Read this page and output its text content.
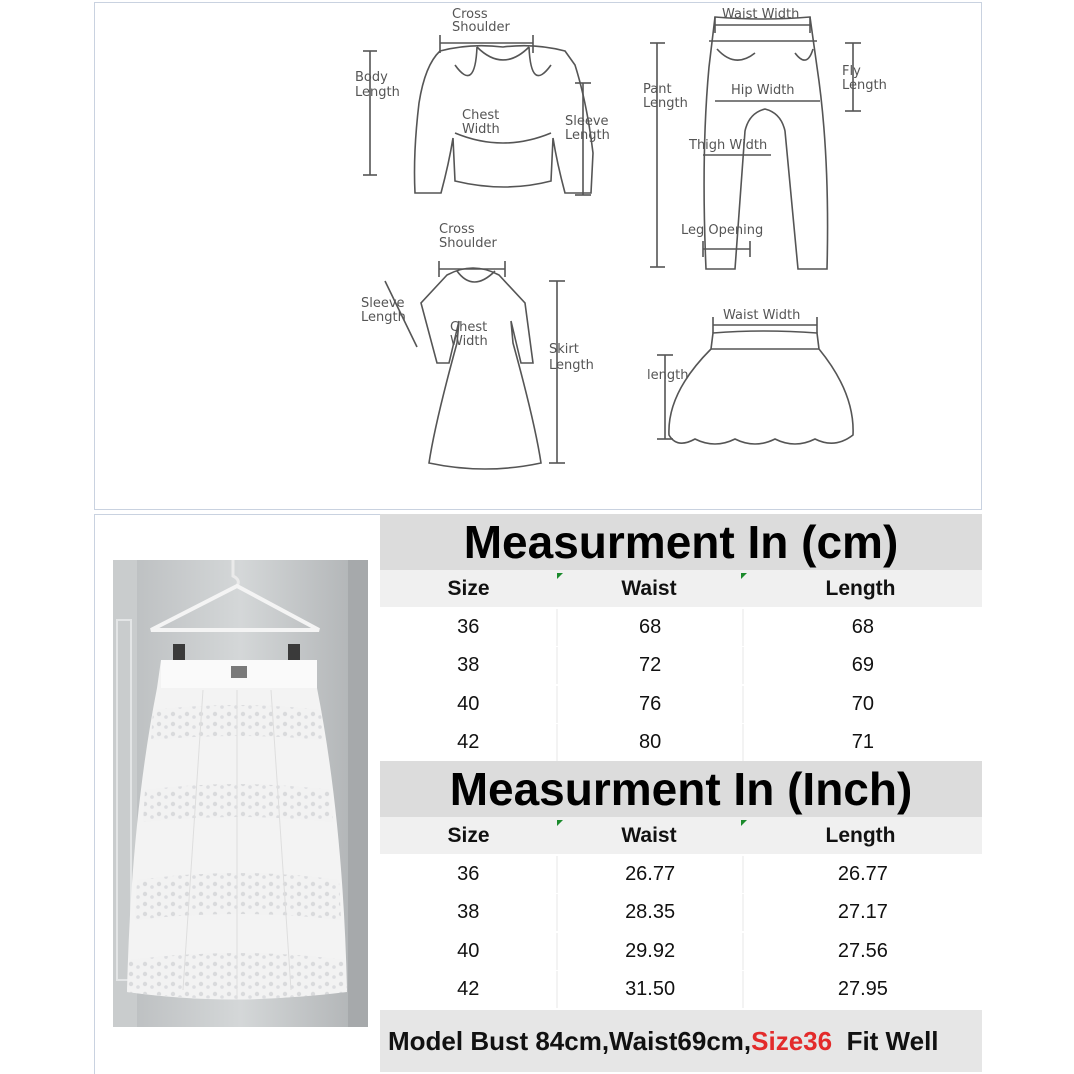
Cross
Shoulder
Body
Length
Chest
Width
Sleeve
Length
Waist Width
Pant
Length
Hip Width
Fly
Length
Thigh Width
Leg Opening
Cross
Shoulder
Sleeve
Length
Chest
Width
Skirt
Length
Waist Width
length
Measurment In (cm)
Size	Waist	Length
36	68	68
38	72	69
40	76	70
42	80	71
Measurment In (Inch)
Size	Waist	Length
36	26.77	26.77
38	28.35	27.17
40	29.92	27.56
42	31.50	27.95
Model Bust 84cm,Waist69cm, Size36
Fit Well
